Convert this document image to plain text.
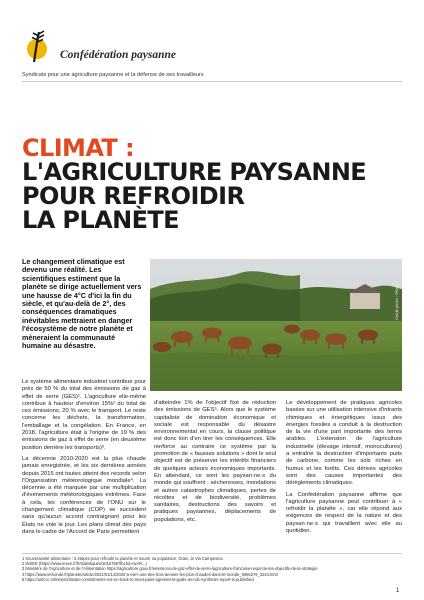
Confédération paysanne
Syndicats pour une agriculture paysanne et la défense de ses travailleurs
CLIMAT :
L'AGRICULTURE PAYSANNE
POUR REFROIDIR
LA PLANÈTE

Le changement climatique est devenu une réalité. Les scientifiques estiment que la planète se dirige actuellement vers une hausse de 4°C d'ici la fin du siècle, et qu'au-delà de 2°, des conséquences dramatiques inévitables mettraient en danger l'écosystème de notre planète et mèneraient la communauté humaine au désastre.

Crédit photo : ©Brule

Le système alimentaire industriel contribue pour près de 50 % du total des émissions de gaz à effet de serre (GES)¹. L'agriculture elle-même contribue à hauteur d'environ 15%² du total de ces émissions, 20 % avec le transport. Le reste concerne les déchets, la transformation, l'emballage et la congélation. En France, en 2018, l'agriculture était à l'origine de 19 % des émissions de gaz à effet de serre (en deuxième position derrière les transports)³.

La décennie 2010-2020 est la plus chaude jamais enregistrée, et les six dernières années depuis 2015 ont toutes atteint des records selon l'Organisation météorologique mondiale⁴. La décennie a été marquée par une multiplication d'évènements météorologiques extrêmes. Face à cela, les conférences de l'ONU sur le changement climatique (COP) se succèdent sans qu'aucun accord contraignant pour les États ne voie le jour. Les plans climat des pays dans le cadre de l'Accord de Paris permettent

d'atteindre 1% de l'objectif fixé de réduction des émissions de GES⁵. Alors que le système capitaliste de domination économique et sociale est responsable du désastre environnemental en cours, la classe politique est donc loin d'en tirer les conséquences. Elle renforce au contraire ce système par la promotion de « fausses solutions » dont le seul objectif est de préserver les intérêts financiers de quelques acteurs économiques importants. En attendant, ce sont les paysan·ne·s du monde qui souffrent : sécheresses, inondations et autres catastrophes climatiques, pertes de récoltes et de biodiversité, problèmes sanitaires, destructions des savoirs et pratiques paysannes, déplacements de populations, etc.

Le développement de pratiques agricoles basées sur une utilisation intensive d'intrants chimiques et énergétiques issus des énergies fossiles a conduit à la destruction de la vie d'une part importante des terres arables. L'extension de l'agriculture industrielle (élevage intensif, monocultures) a entraîné la destruction d'importants puits de carbone, comme les sols riches en humus et les forêts. Ces dérives agricoles sont des causes importantes des dérèglements climatiques.

La Confédération paysanne affirme que l'agriculture paysanne peut contribuer à « refroidir la planète », car elle répond aux exigences de respect de la nature et des paysan·ne·s qui travaillent avec elle au quotidien.

1 Souveraineté alimentaire : 5 étapes pour refroidir la planète et nourrir sa population, Grain, la Via Campesina
2 INSEE (https://www.insee.fr/fr/statistiques/2015759?fbclid=IwAR...)
3 Ministère de l'Agriculture et de l'Alimentation https://agriculture.gouv.fr/emissions-de-gaz-effet-de-serre-lagriculture-francaise-respecte-les-objectifs-de-la-strategie
4 https://www.lemonde.fr/planete/article/2021/01/14/2020-a-ete-l-une-des-trois-annees-les-plus-chaudes-dans-le-monde_6066279_3244.html
5 https://unfccc.int/news/climate-commitments-not-on-track-to-meet-paris-agreement-goals-as-ndc-synthesis-report-is-published
1
